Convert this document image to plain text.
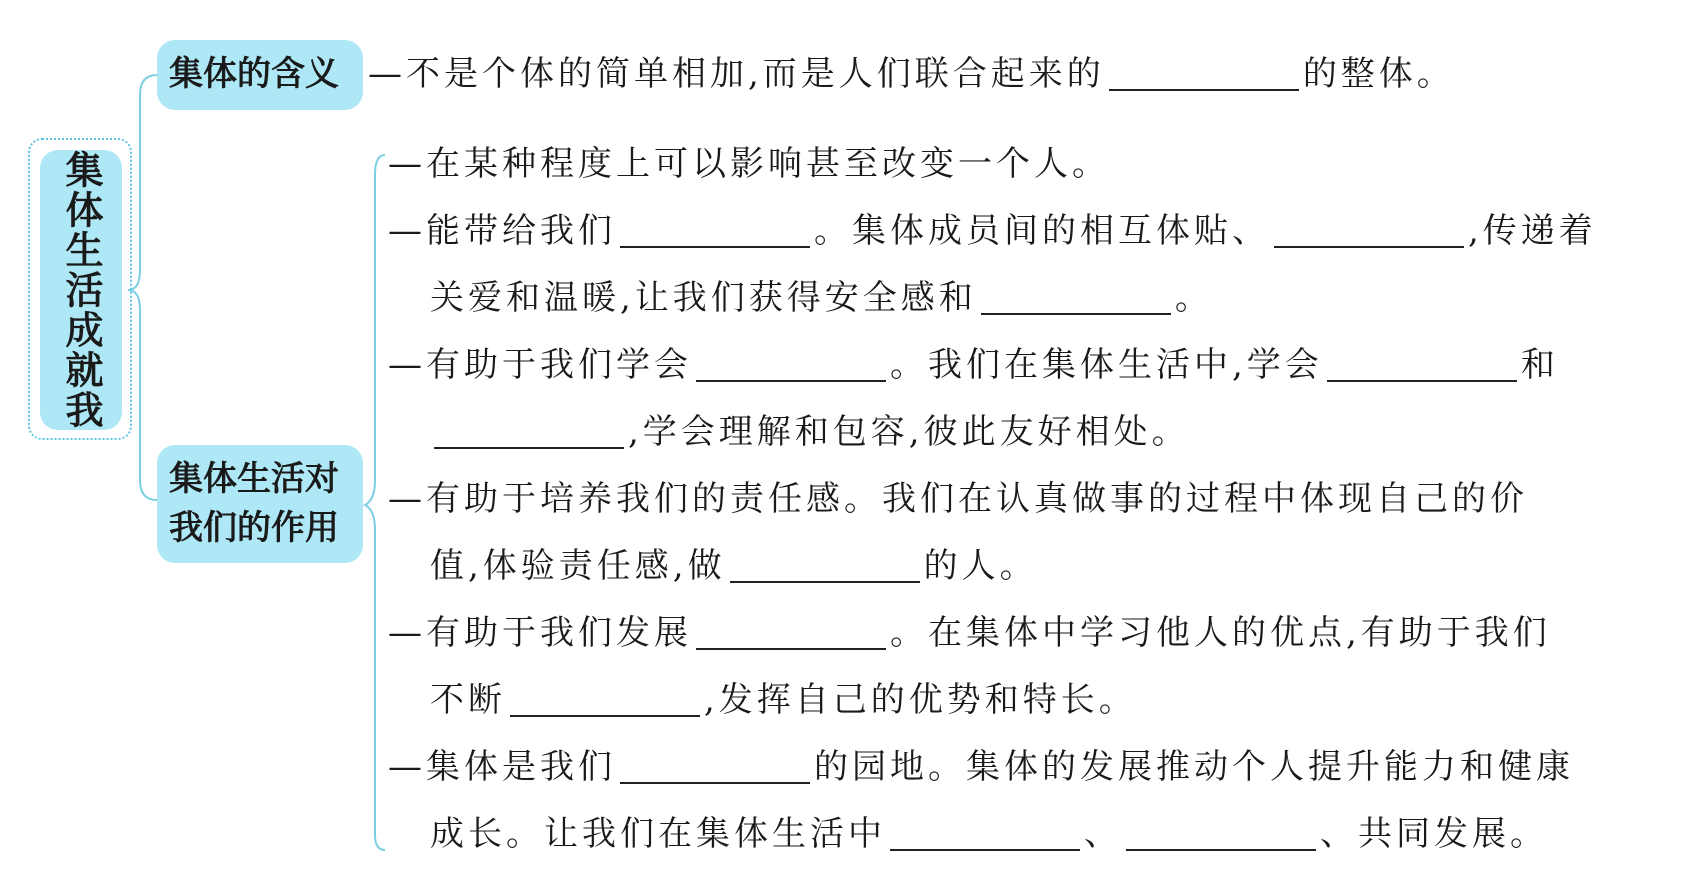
集体生活成就我
集体的含义
集体生活对
我们的作用
—不是个体的简单相加,而是人们联合起来的	的整体。
—在某种程度上可以影响甚至改变一个人。
—能带给我们	。集体成员间的相互体贴、	,传递着
关爱和温暖,让我们获得安全感和	。
—有助于我们学会	。我们在集体生活中,学会	和
,学会理解和包容,彼此友好相处。
—有助于培养我们的责任感。我们在认真做事的过程中体现自己的价
值,体验责任感,做	的人。
—有助于我们发展	。在集体中学习他人的优点,有助于我们
不断	,发挥自己的优势和特长。
—集体是我们	的园地。集体的发展推动个人提升能力和健康
成长。让我们在集体生活中	、	、共同发展。
